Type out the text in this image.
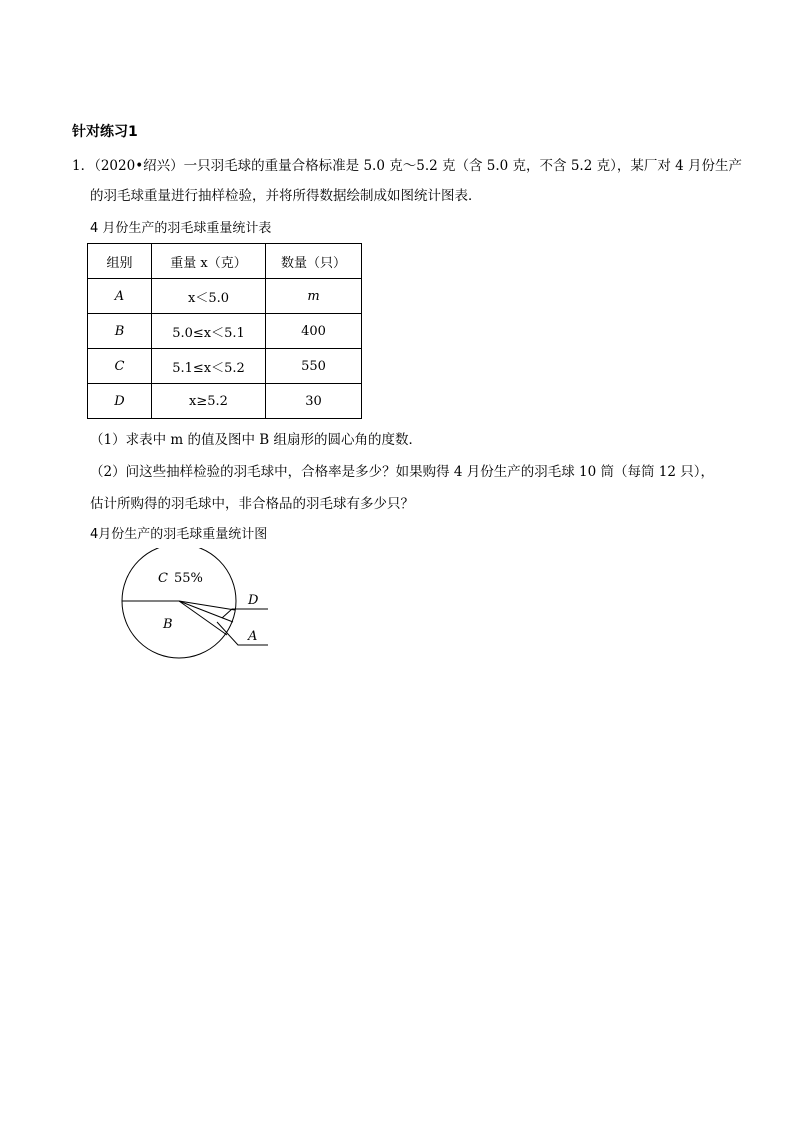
针对练习1
1．（2020•绍兴）一只羽毛球的重量合格标准是 5.0 克～5.2 克（含 5.0 克，不含 5.2 克），某厂对 4 月份生产
的羽毛球重量进行抽样检验，并将所得数据绘制成如图统计图表．
4 月份生产的羽毛球重量统计表
组别	重量 x（克）	数量（只）
A	x＜5.0	m
B	5.0≤x＜5.1	400
C	5.1≤x＜5.2	550
D	x≥5.2	30
（1）求表中 m 的值及图中 B 组扇形的圆心角的度数．
（2）问这些抽样检验的羽毛球中，合格率是多少？如果购得 4 月份生产的羽毛球 10 筒（每筒 12 只），
估计所购得的羽毛球中，非合格品的羽毛球有多少只？
4月份生产的羽毛球重量统计图
C 55%
B
D
A
